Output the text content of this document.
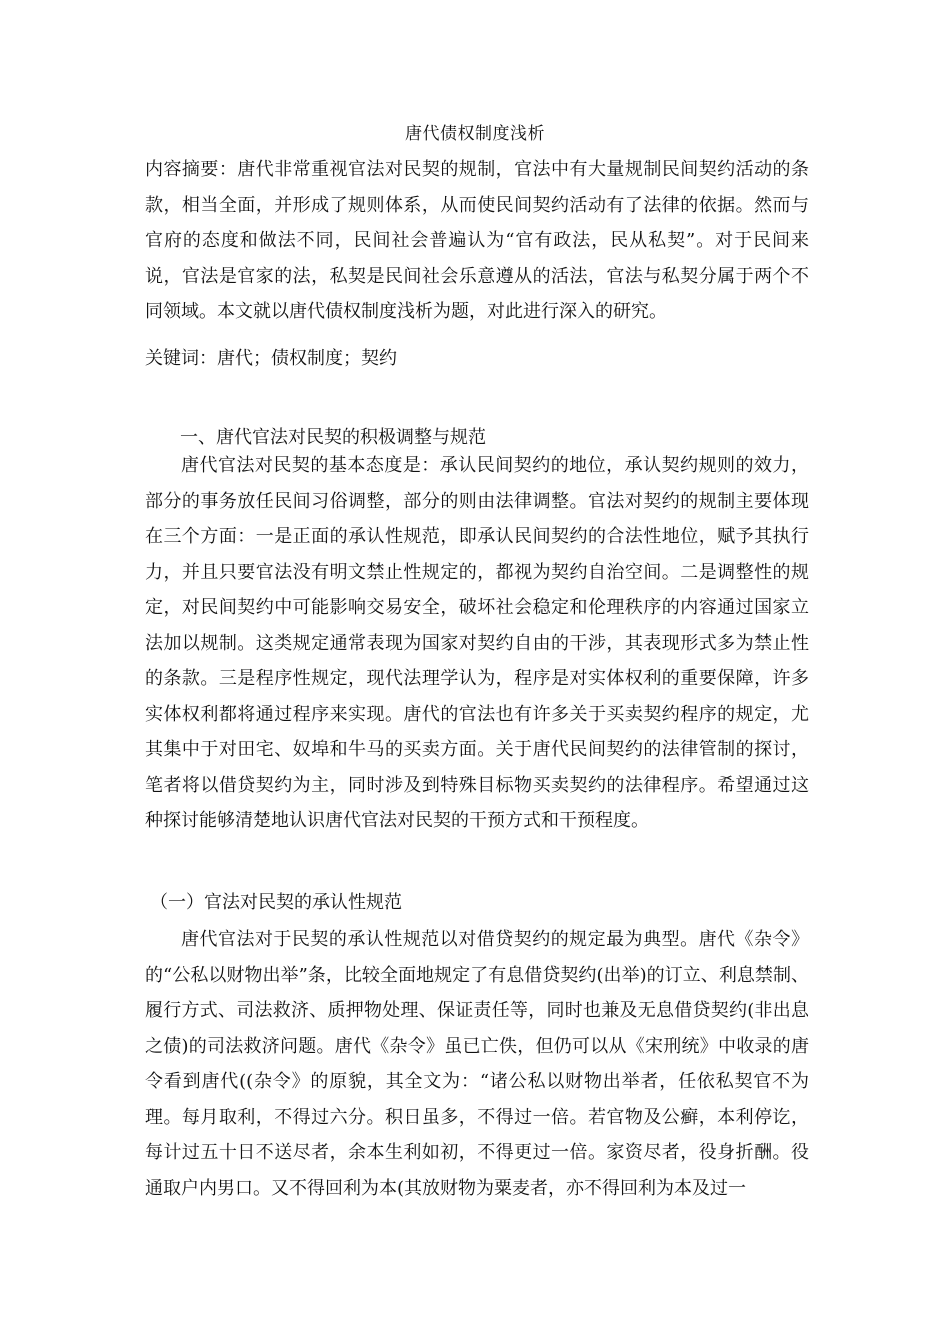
唐代债权制度浅析

内容摘要：唐代非常重视官法对民契的规制，官法中有大量规制民间契约活动的条款，相当全面，并形成了规则体系，从而使民间契约活动有了法律的依据。然而与官府的态度和做法不同，民间社会普遍认为“官有政法，民从私契”。对于民间来说，官法是官家的法，私契是民间社会乐意遵从的活法，官法与私契分属于两个不同领域。本文就以唐代债权制度浅析为题，对此进行深入的研究。

关键词：唐代；债权制度；契约

一、唐代官法对民契的积极调整与规范

唐代官法对民契的基本态度是：承认民间契约的地位，承认契约规则的效力，部分的事务放任民间习俗调整，部分的则由法律调整。官法对契约的规制主要体现在三个方面：一是正面的承认性规范，即承认民间契约的合法性地位，赋予其执行力，并且只要官法没有明文禁止性规定的，都视为契约自治空间。二是调整性的规定，对民间契约中可能影响交易安全，破坏社会稳定和伦理秩序的内容通过国家立法加以规制。这类规定通常表现为国家对契约自由的干涉，其表现形式多为禁止性的条款。三是程序性规定，现代法理学认为，程序是对实体权利的重要保障，许多实体权利都将通过程序来实现。唐代的官法也有许多关于买卖契约程序的规定，尤其集中于对田宅、奴埠和牛马的买卖方面。关于唐代民间契约的法律管制的探讨，笔者将以借贷契约为主，同时涉及到特殊目标物买卖契约的法律程序。希望通过这种探讨能够清楚地认识唐代官法对民契的干预方式和干预程度。

（一）官法对民契的承认性规范

唐代官法对于民契的承认性规范以对借贷契约的规定最为典型。唐代《杂令》的“公私以财物出举”条，比较全面地规定了有息借贷契约(出举)的订立、利息禁制、履行方式、司法救济、质押物处理、保证责任等，同时也兼及无息借贷契约(非出息之债)的司法救济问题。唐代《杂令》虽已亡佚，但仍可以从《宋刑统》中收录的唐令看到唐代((杂令》的原貌，其全文为：“诸公私以财物出举者，任依私契官不为理。每月取利，不得过六分。积日虽多，不得过一倍。若官物及公癣，本利停讫，每计过五十日不送尽者，余本生利如初，不得更过一倍。家资尽者，役身折酬。役通取户内男口。又不得回利为本(其放财物为粟麦者，亦不得回利为本及过一
